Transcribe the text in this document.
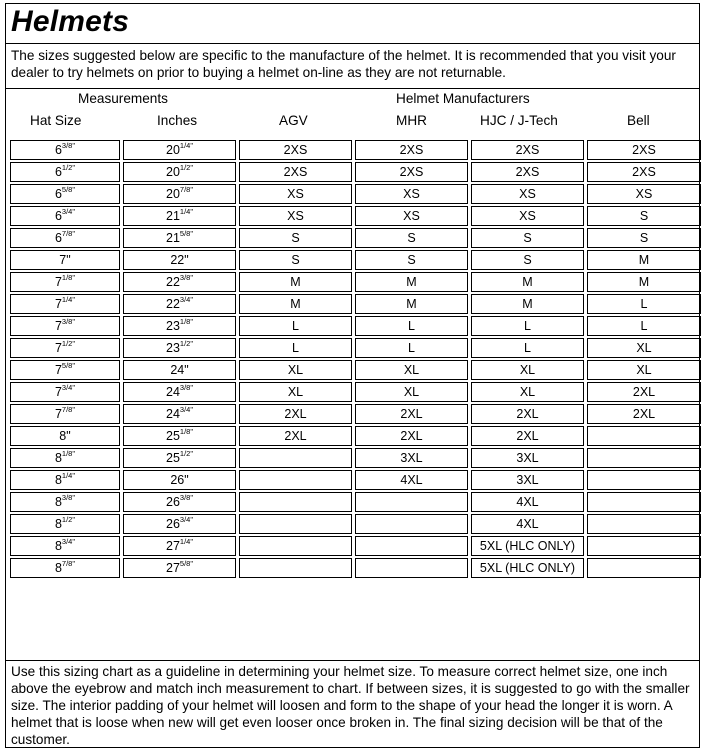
Helmets
The sizes suggested below are specific to the manufacture of the helmet. It is recommended that you visit your dealer to try helmets on prior to buying a helmet on-line as they are not returnable.
Measurements	Helmet Manufacturers
Hat Size	Inches	AGV	MHR	HJC / J-Tech	Bell
$6^{3/8"}$	$20^{1/4"}$	2XS	2XS	2XS	2XS
$6^{1/2"}$	$20^{1/2"}$	2XS	2XS	2XS	2XS
$6^{5/8"}$	$20^{7/8"}$	XS	XS	XS	XS
$6^{3/4"}$	$21^{1/4"}$	XS	XS	XS	S
$6^{7/8"}$	$21^{5/8"}$	S	S	S	S
7"	22"	S	S	S	M
$7^{1/8"}$	$22^{3/8"}$	M	M	M	M
$7^{1/4"}$	$22^{3/4"}$	M	M	M	L
$7^{3/8"}$	$23^{1/8"}$	L	L	L	L
$7^{1/2"}$	$23^{1/2"}$	L	L	L	XL
$7^{5/8"}$	24"	XL	XL	XL	XL
$7^{3/4"}$	$24^{3/8"}$	XL	XL	XL	2XL
$7^{7/8"}$	$24^{3/4"}$	2XL	2XL	2XL	2XL
8"	$25^{1/8"}$	2XL	2XL	2XL	
$8^{1/8"}$	$25^{1/2"}$		3XL	3XL	
$8^{1/4"}$	26"		4XL	3XL	
$8^{3/8"}$	$26^{3/8"}$			4XL	
$8^{1/2"}$	$26^{3/4"}$			4XL	
$8^{3/4"}$	$27^{1/4"}$			5XL (HLC ONLY)	
$8^{7/8"}$	$27^{5/8"}$			5XL (HLC ONLY)	

Use this sizing chart as a guideline in determining your helmet size. To measure correct helmet size, one inch above the eyebrow and match inch measurement to chart. If between sizes, it is suggested to go with the smaller size. The interior padding of your helmet will loosen and form to the shape of your head the longer it is worn. A helmet that is loose when new will get even looser once broken in. The final sizing decision will be that of the customer.
